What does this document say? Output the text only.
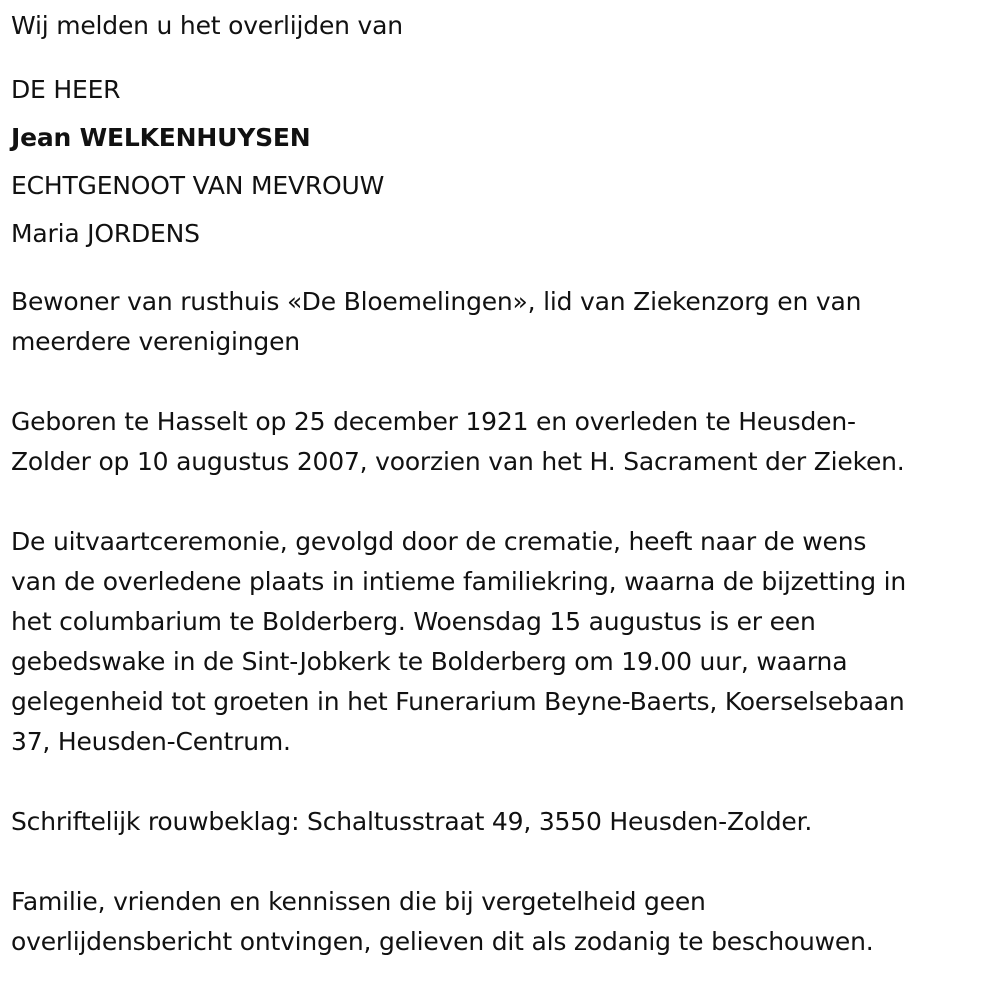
Wij melden u het overlijden van
DE HEER
Jean WELKENHUYSEN
ECHTGENOOT VAN MEVROUW
Maria JORDENS
Bewoner van rusthuis «De Bloemelingen», lid van Ziekenzorg en van
meerdere verenigingen
Geboren te Hasselt op 25 december 1921 en overleden te Heusden-
Zolder op 10 augustus 2007, voorzien van het H. Sacrament der Zieken.
De uitvaartceremonie, gevolgd door de crematie, heeft naar de wens
van de overledene plaats in intieme familiekring, waarna de bijzetting in
het columbarium te Bolderberg. Woensdag 15 augustus is er een
gebedswake in de Sint-Jobkerk te Bolderberg om 19.00 uur, waarna
gelegenheid tot groeten in het Funerarium Beyne-Baerts, Koerselsebaan
37, Heusden-Centrum.
Schriftelijk rouwbeklag: Schaltusstraat 49, 3550 Heusden-Zolder.
Familie, vrienden en kennissen die bij vergetelheid geen
overlijdensbericht ontvingen, gelieven dit als zodanig te beschouwen.
